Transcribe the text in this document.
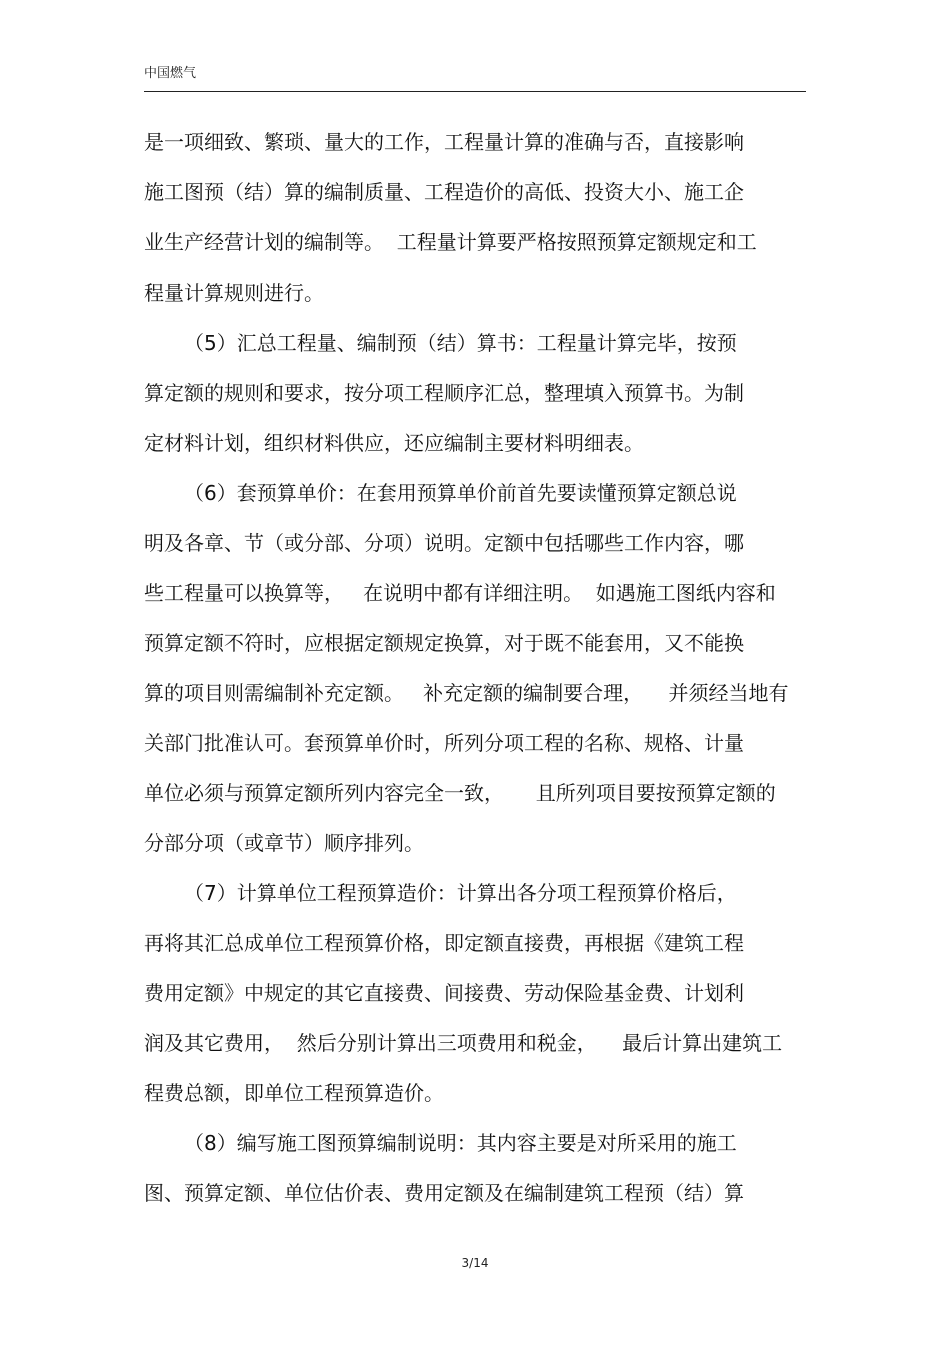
中国燃气
是一项细致、繁琐、量大的工作，工程量计算的准确与否，直接影响
施工图预（结）算的编制质量、工程造价的高低、投资大小、施工企
业生产经营计划的编制等。  工程量计算要严格按照预算定额规定和工
程量计算规则进行。
（5）汇总工程量、编制预（结）算书：工程量计算完毕，按预
算定额的规则和要求，按分项工程顺序汇总，整理填入预算书。为制
定材料计划，组织材料供应，还应编制主要材料明细表。
（6）套预算单价：在套用预算单价前首先要读懂预算定额总说
明及各章、节（或分部、分项）说明。定额中包括哪些工作内容，哪
些工程量可以换算等，   在说明中都有详细注明。  如遇施工图纸内容和
预算定额不符时，应根据定额规定换算，对于既不能套用，又不能换
算的项目则需编制补充定额。   补充定额的编制要合理，    并须经当地有
关部门批准认可。套预算单价时，所列分项工程的名称、规格、计量
单位必须与预算定额所列内容完全一致，     且所列项目要按预算定额的
分部分项（或章节）顺序排列。
（7）计算单位工程预算造价：计算出各分项工程预算价格后，
再将其汇总成单位工程预算价格，即定额直接费，再根据《建筑工程
费用定额》中规定的其它直接费、间接费、劳动保险基金费、计划利
润及其它费用，  然后分别计算出三项费用和税金，    最后计算出建筑工
程费总额，即单位工程预算造价。
（8）编写施工图预算编制说明：其内容主要是对所采用的施工
图、预算定额、单位估价表、费用定额及在编制建筑工程预（结）算
3/14
